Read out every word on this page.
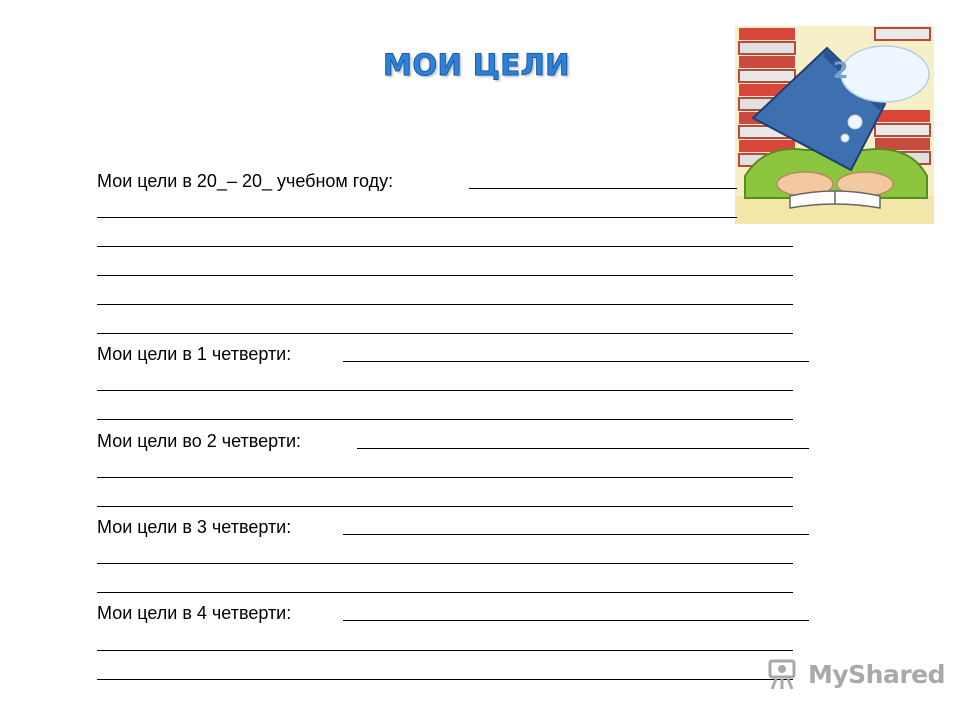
МОИ ЦЕЛИ	2
Мои цели в 20_– 20_ учебном году:
Мои цели в 1 четверти:
Мои цели во 2 четверти:
Мои цели в 3 четверти:
Мои цели в 4 четверти:
MyShared
